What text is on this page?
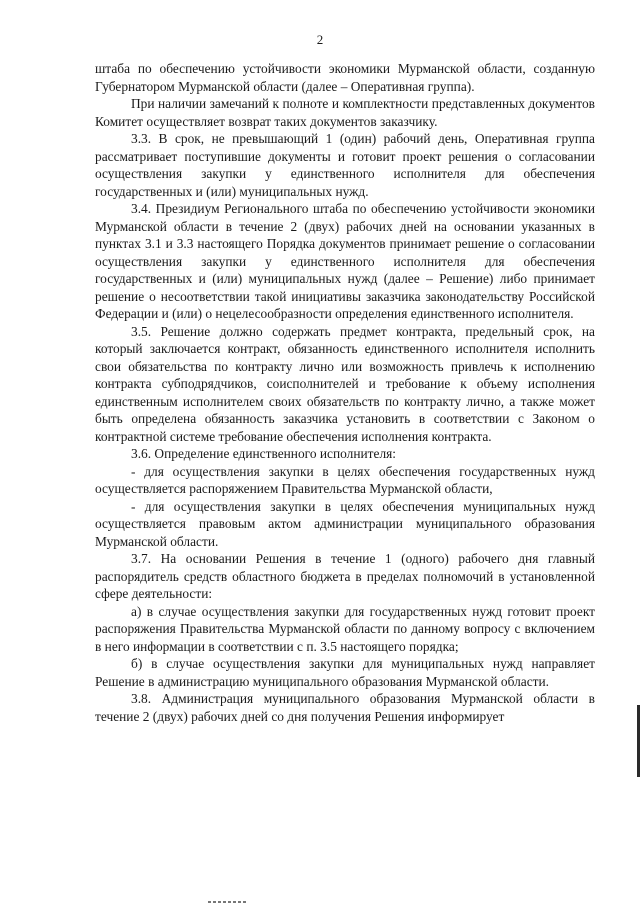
2

штаба по обеспечению устойчивости экономики Мурманской области, созданную Губернатором Мурманской области (далее – Оперативная группа).

При наличии замечаний к полноте и комплектности представленных документов Комитет осуществляет возврат таких документов заказчику.

3.3. В срок, не превышающий 1 (один) рабочий день, Оперативная группа рассматривает поступившие документы и готовит проект решения о согласовании осуществления закупки у единственного исполнителя для обеспечения государственных и (или) муниципальных нужд.

3.4. Президиум Регионального штаба по обеспечению устойчивости экономики Мурманской области в течение 2 (двух) рабочих дней на основании указанных в пунктах 3.1 и 3.3 настоящего Порядка документов принимает решение о согласовании осуществления закупки у единственного исполнителя для обеспечения государственных и (или) муниципальных нужд (далее – Решение) либо принимает решение о несоответствии такой инициативы заказчика законодательству Российской Федерации и (или) о нецелесообразности определения единственного исполнителя.

3.5. Решение должно содержать предмет контракта, предельный срок, на который заключается контракт, обязанность единственного исполнителя исполнить свои обязательства по контракту лично или возможность привлечь к исполнению контракта субподрядчиков, соисполнителей и требование к объему исполнения единственным исполнителем своих обязательств по контракту лично, а также может быть определена обязанность заказчика установить в соответствии с Законом о контрактной системе требование обеспечения исполнения контракта.

3.6. Определение единственного исполнителя:

- для осуществления закупки в целях обеспечения государственных нужд осуществляется распоряжением Правительства Мурманской области,

- для осуществления закупки в целях обеспечения муниципальных нужд осуществляется правовым актом администрации муниципального образования Мурманской области.

3.7. На основании Решения в течение 1 (одного) рабочего дня главный распорядитель средств областного бюджета в пределах полномочий в установленной сфере деятельности:

а) в случае осуществления закупки для государственных нужд готовит проект распоряжения Правительства Мурманской области по данному вопросу с включением в него информации в соответствии с п. 3.5 настоящего порядка;

б) в случае осуществления закупки для муниципальных нужд направляет Решение в администрацию муниципального образования Мурманской области.

3.8. Администрация муниципального образования Мурманской области в течение 2 (двух) рабочих дней со дня получения Решения информирует
